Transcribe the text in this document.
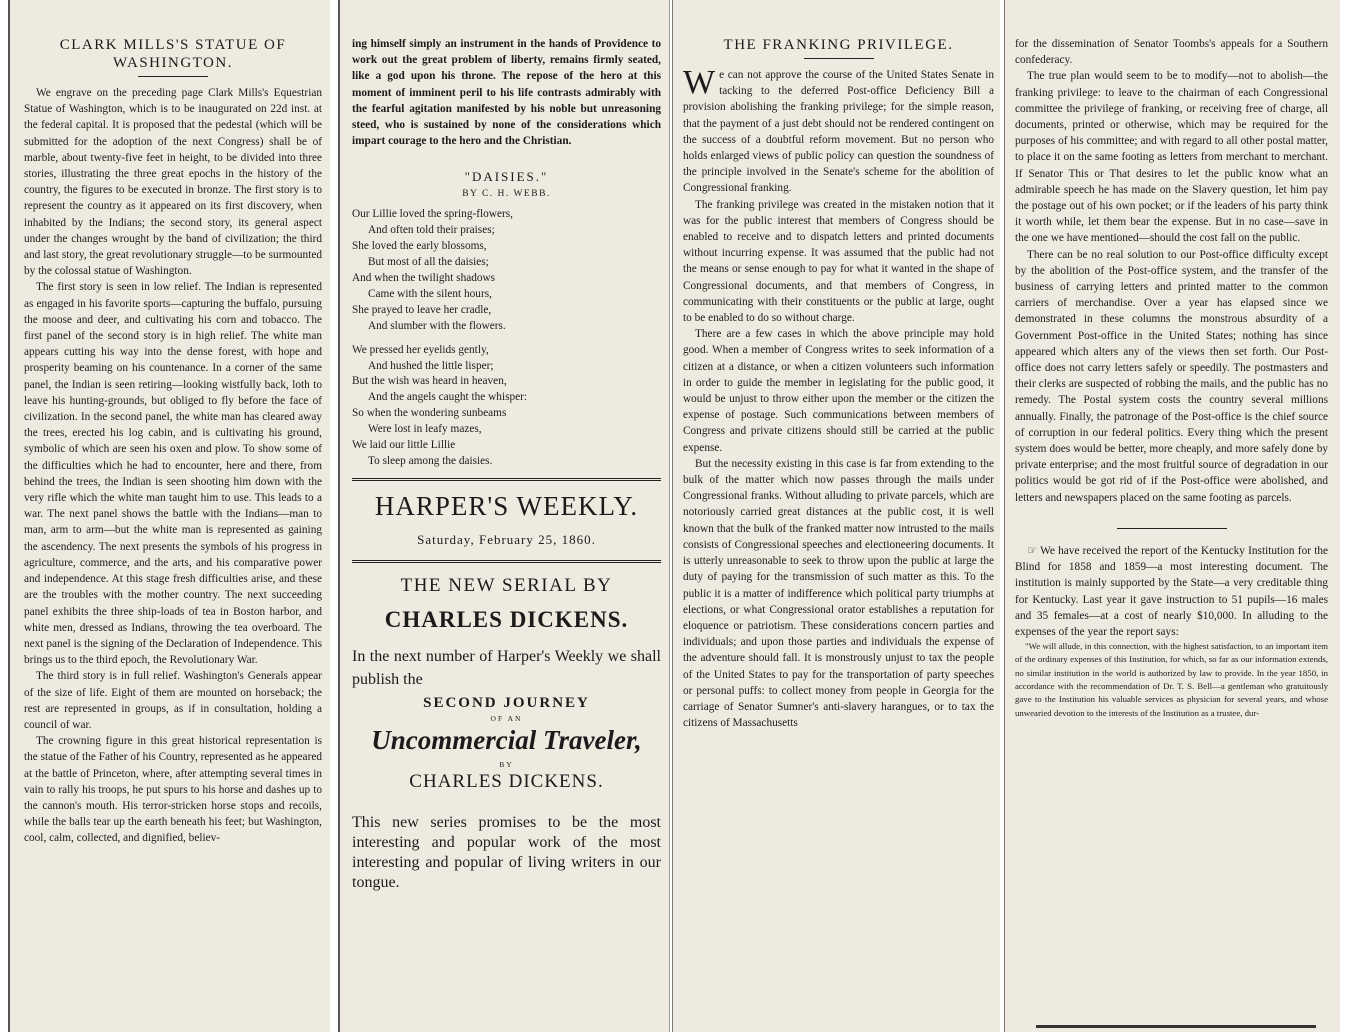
CLARK MILLS'S STATUE OF WASHINGTON.

We engrave on the preceding page Clark Mills's Equestrian Statue of Washington, which is to be inaugurated on 22d inst. at the federal capital. It is proposed that the pedestal (which will be submitted for the adoption of the next Congress) shall be of marble, about twenty-five feet in height, to be divided into three stories, illustrating the three great epochs in the history of the country, the figures to be executed in bronze. The first story is to represent the country as it appeared on its first discovery, when inhabited by the Indians; the second story, its general aspect under the changes wrought by the band of civilization; the third and last story, the great revolutionary struggle—to be surmounted by the colossal statue of Washington.

The first story is seen in low relief. The Indian is represented as engaged in his favorite sports—capturing the buffalo, pursuing the moose and deer, and cultivating his corn and tobacco. The first panel of the second story is in high relief. The white man appears cutting his way into the dense forest, with hope and prosperity beaming on his countenance. In a corner of the same panel, the Indian is seen retiring—looking wistfully back, loth to leave his hunting-grounds, but obliged to fly before the face of civilization. In the second panel, the white man has cleared away the trees, erected his log cabin, and is cultivating his ground, symbolic of which are seen his oxen and plow. To show some of the difficulties which he had to encounter, here and there, from behind the trees, the Indian is seen shooting him down with the very rifle which the white man taught him to use. This leads to a war. The next panel shows the battle with the Indians—man to man, arm to arm—but the white man is represented as gaining the ascendency. The next presents the symbols of his progress in agriculture, commerce, and the arts, and his comparative power and independence. At this stage fresh difficulties arise, and these are the troubles with the mother country. The next succeeding panel exhibits the three ship-loads of tea in Boston harbor, and white men, dressed as Indians, throwing the tea overboard. The next panel is the signing of the Declaration of Independence. This brings us to the third epoch, the Revolutionary War.

The third story is in full relief. Washington's Generals appear of the size of life. Eight of them are mounted on horseback; the rest are represented in groups, as if in consultation, holding a council of war.

The crowning figure in this great historical representation is the statue of the Father of his Country, represented as he appeared at the battle of Princeton, where, after attempting several times in vain to rally his troops, he put spurs to his horse and dashes up to the cannon's mouth. His terror-stricken horse stops and recoils, while the balls tear up the earth beneath his feet; but Washington, cool, calm, collected, and dignified, believ-

ing himself simply an instrument in the hands of Providence to work out the great problem of liberty, remains firmly seated, like a god upon his throne. The repose of the hero at this moment of imminent peril to his life contrasts admirably with the fearful agitation manifested by his noble but unreasoning steed, who is sustained by none of the considerations which impart courage to the hero and the Christian.

"DAISIES."
BY C. H. WEBB.
Our Lillie loved the spring-flowers,
And often told their praises;
She loved the early blossoms,
But most of all the daisies;
And when the twilight shadows
Came with the silent hours,
She prayed to leave her cradle,
And slumber with the flowers.
We pressed her eyelids gently,
And hushed the little lisper;
But the wish was heard in heaven,
And the angels caught the whisper:
So when the wondering sunbeams
Were lost in leafy mazes,
We laid our little Lillie
To sleep among the daisies.
HARPER'S WEEKLY.
Saturday, February 25, 1860.
THE NEW SERIAL BY
CHARLES DICKENS.

In the next number of Harper's Weekly we shall publish the

SECOND JOURNEY
OF AN
Uncommercial Traveler,
BY
CHARLES DICKENS.

This new series promises to be the most interesting and popular work of the most interesting and popular of living writers in our tongue.

THE FRANKING PRIVILEGE.

We can not approve the course of the United States Senate in tacking to the deferred Post-office Deficiency Bill a provision abolishing the franking privilege; for the simple reason, that the payment of a just debt should not be rendered contingent on the success of a doubtful reform movement. But no person who holds enlarged views of public policy can question the soundness of the principle involved in the Senate's scheme for the abolition of Congressional franking.

The franking privilege was created in the mistaken notion that it was for the public interest that members of Congress should be enabled to receive and to dispatch letters and printed documents without incurring expense. It was assumed that the public had not the means or sense enough to pay for what it wanted in the shape of Congressional documents, and that members of Congress, in communicating with their constituents or the public at large, ought to be enabled to do so without charge.

There are a few cases in which the above principle may hold good. When a member of Congress writes to seek information of a citizen at a distance, or when a citizen volunteers such information in order to guide the member in legislating for the public good, it would be unjust to throw either upon the member or the citizen the expense of postage. Such communications between members of Congress and private citizens should still be carried at the public expense.

But the necessity existing in this case is far from extending to the bulk of the matter which now passes through the mails under Congressional franks. Without alluding to private parcels, which are notoriously carried great distances at the public cost, it is well known that the bulk of the franked matter now intrusted to the mails consists of Congressional speeches and electioneering documents. It is utterly unreasonable to seek to throw upon the public at large the duty of paying for the transmission of such matter as this. To the public it is a matter of indifference which political party triumphs at elections, or what Congressional orator establishes a reputation for eloquence or patriotism. These considerations concern parties and individuals; and upon those parties and individuals the expense of the adventure should fall. It is monstrously unjust to tax the people of the United States to pay for the transportation of party speeches or personal puffs: to collect money from people in Georgia for the carriage of Senator Sumner's anti-slavery harangues, or to tax the citizens of Massachusetts

for the dissemination of Senator Toombs's appeals for a Southern confederacy.

The true plan would seem to be to modify—not to abolish—the franking privilege: to leave to the chairman of each Congressional committee the privilege of franking, or receiving free of charge, all documents, printed or otherwise, which may be required for the purposes of his committee; and with regard to all other postal matter, to place it on the same footing as letters from merchant to merchant. If Senator This or That desires to let the public know what an admirable speech he has made on the Slavery question, let him pay the postage out of his own pocket; or if the leaders of his party think it worth while, let them bear the expense. But in no case—save in the one we have mentioned—should the cost fall on the public.

There can be no real solution to our Post-office difficulty except by the abolition of the Post-office system, and the transfer of the business of carrying letters and printed matter to the common carriers of merchandise. Over a year has elapsed since we demonstrated in these columns the monstrous absurdity of a Government Post-office in the United States; nothing has since appeared which alters any of the views then set forth. Our Post-office does not carry letters safely or speedily. The postmasters and their clerks are suspected of robbing the mails, and the public has no remedy. The Postal system costs the country several millions annually. Finally, the patronage of the Post-office is the chief source of corruption in our federal politics. Every thing which the present system does would be better, more cheaply, and more safely done by private enterprise; and the most fruitful source of degradation in our politics would be got rid of if the Post-office were abolished, and letters and newspapers placed on the same footing as parcels.

☞ We have received the report of the Kentucky Institution for the Blind for 1858 and 1859—a most interesting document. The institution is mainly supported by the State—a very creditable thing for Kentucky. Last year it gave instruction to 51 pupils—16 males and 35 females—at a cost of nearly $10,000. In alluding to the expenses of the year the report says:

"We will allude, in this connection, with the highest satisfaction, to an important item of the ordinary expenses of this Institution, for which, so far as our information extends, no similar institution in the world is authorized by law to provide. In the year 1850, in accordance with the recommendation of Dr. T. S. Bell—a gentleman who gratuitously gave to the Institution his valuable services as physician for several years, and whose unwearied devotion to the interests of the Institution as a trustee, dur-
